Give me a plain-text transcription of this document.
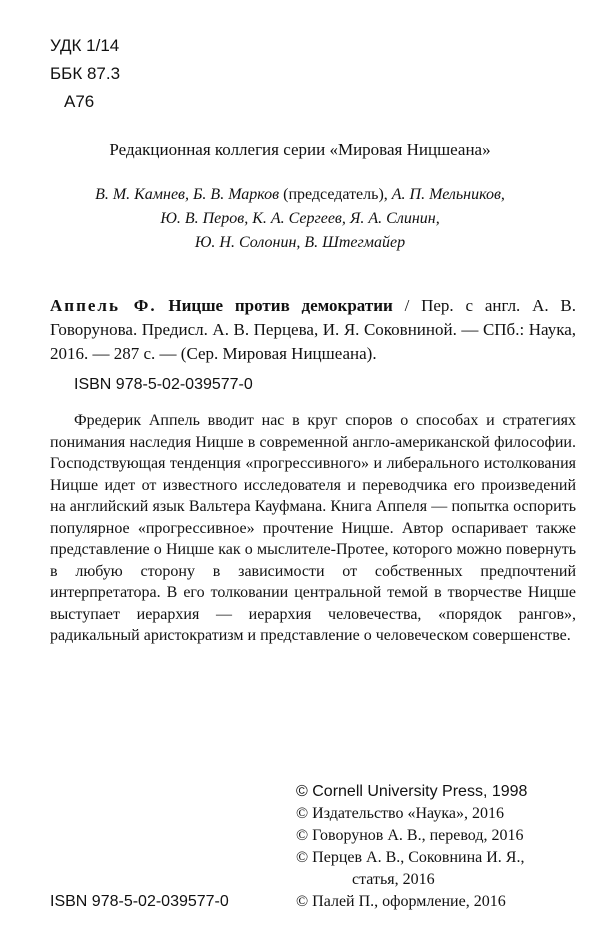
УДК 1/14
ББК 87.3
А76
Редакционная коллегия серии «Мировая Ницшеана»
В. М. Камнев, Б. В. Марков (председатель), А. П. Мельников,
Ю. В. Перов, К. А. Сергеев, Я. А. Слинин,
Ю. Н. Солонин, В. Штегмайер
Аппель Ф. Ницше против демократии / Пер. с англ. А. В. Говорунова. Предисл. А. В. Перцева, И. Я. Соковниной. — СПб.: Наука, 2016. — 287 с. — (Сер. Мировая Ницшеана).
ISBN 978-5-02-039577-0

Фредерик Аппель вводит нас в круг споров о способах и стратегиях понимания наследия Ницше в современной англо-американской философии. Господствующая тенденция «прогрессивного» и либерального истолкования Ницше идет от известного исследователя и переводчика его произведений на английский язык Вальтера Кауфмана. Книга Аппеля — попытка оспорить популярное «прогрессивное» прочтение Ницше. Автор оспаривает также представление о Ницше как о мыслителе-Протее, которого можно повернуть в любую сторону в зависимости от собственных предпочтений интерпретатора. В его толковании центральной темой в творчестве Ницше выступает иерархия — иерархия человечества, «порядок рангов», радикальный аристократизм и представление о человеческом совершенстве.

© Cornell University Press, 1998
© Издательство «Наука», 2016
© Говорунов А. В., перевод, 2016
© Перцев А. В., Соковнина И. Я.,
статья, 2016
© Палей П., оформление, 2016
ISBN 978-5-02-039577-0
